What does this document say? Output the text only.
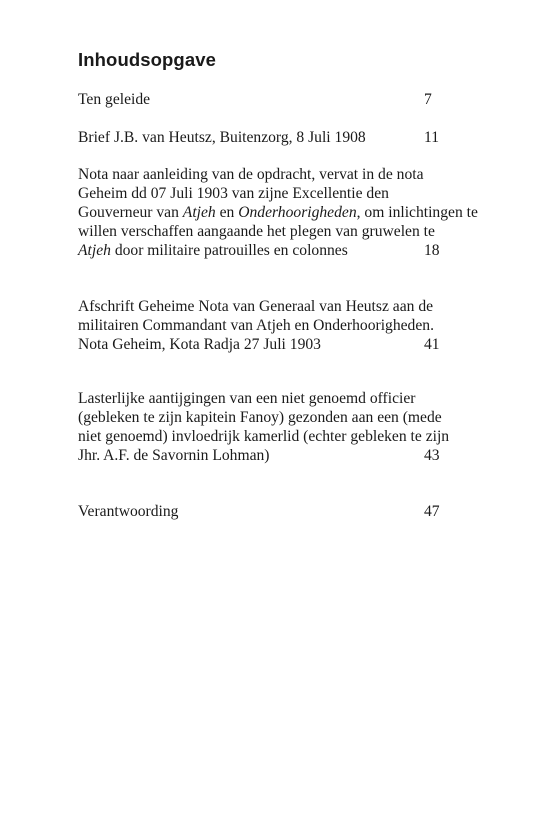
Inhoudsopgave
Ten geleide	7
Brief J.B. van Heutsz, Buitenzorg, 8 Juli 1908	11
Nota naar aanleiding van de opdracht, vervat in de nota
Geheim dd 07 Juli 1903 van zijne Excellentie den
Gouverneur van Atjeh en Onderhoorigheden, om inlichtingen te
willen verschaffen aangaande het plegen van gruwelen te
Atjeh door militaire patrouilles en colonnes	18
Afschrift Geheime Nota van Generaal van Heutsz aan de
militairen Commandant van Atjeh en Onderhoorigheden.
Nota Geheim, Kota Radja 27 Juli 1903	41
Lasterlijke aantijgingen van een niet genoemd officier
(gebleken te zijn kapitein Fanoy) gezonden aan een (mede
niet genoemd) invloedrijk kamerlid (echter gebleken te zijn
Jhr. A.F. de Savornin Lohman)	43
Verantwoording	47
